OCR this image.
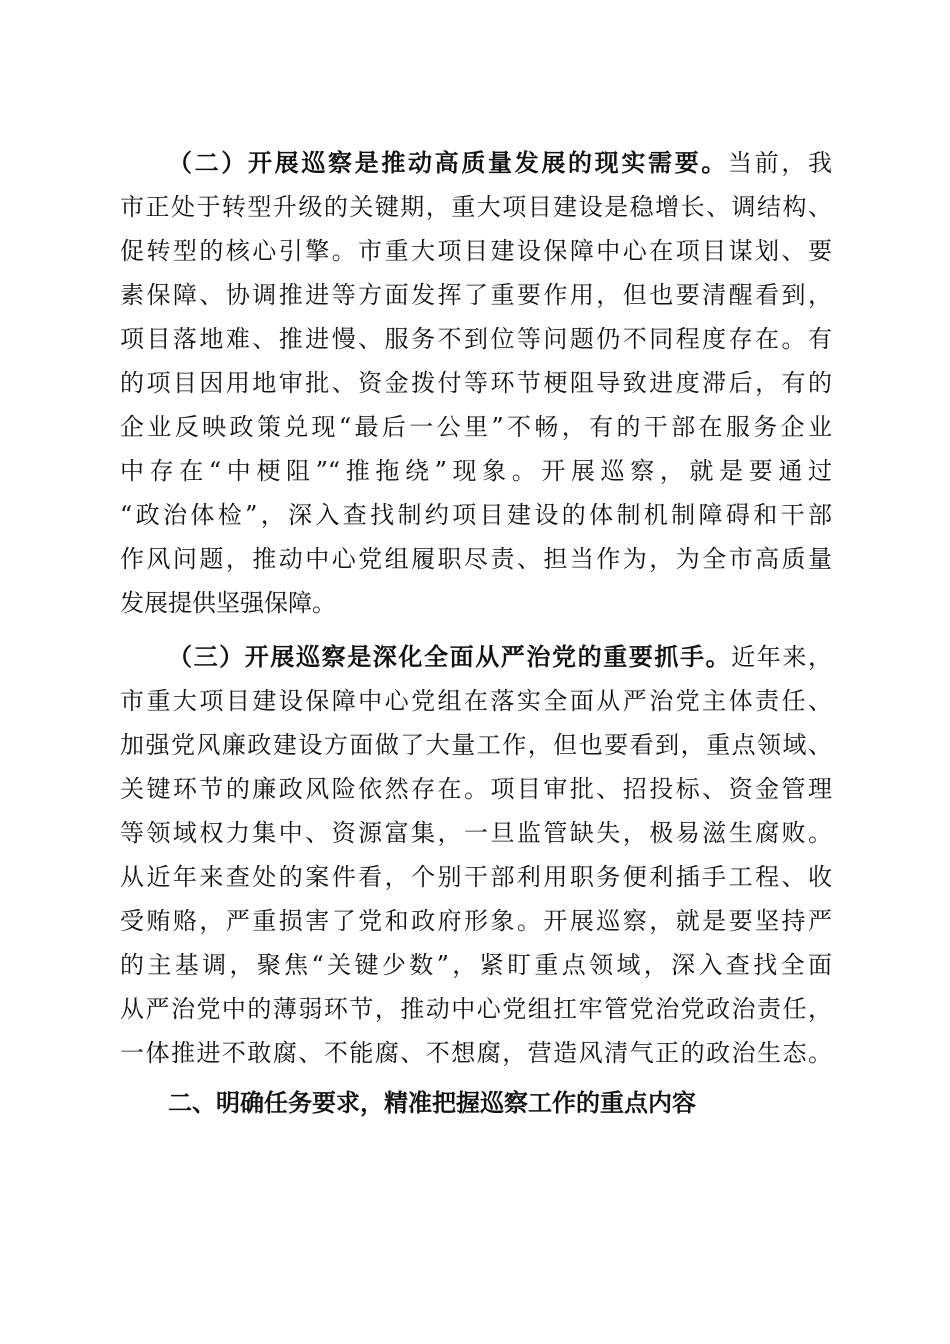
（二）开展巡察是推动高质量发展的现实需要。当前，我
市正处于转型升级的关键期，重大项目建设是稳增长、调结构、
促转型的核心引擎。市重大项目建设保障中心在项目谋划、要
素保障、协调推进等方面发挥了重要作用，但也要清醒看到，
项目落地难、推进慢、服务不到位等问题仍不同程度存在。有
的项目因用地审批、资金拨付等环节梗阻导致进度滞后，有的
企业反映政策兑现“最后一公里”不畅，有的干部在服务企业
中存在“中梗阻”“推拖绕”现象。开展巡察，就是要通过
“政治体检”，深入查找制约项目建设的体制机制障碍和干部
作风问题，推动中心党组履职尽责、担当作为，为全市高质量
发展提供坚强保障。
（三）开展巡察是深化全面从严治党的重要抓手。近年来，
市重大项目建设保障中心党组在落实全面从严治党主体责任、
加强党风廉政建设方面做了大量工作，但也要看到，重点领域、
关键环节的廉政风险依然存在。项目审批、招投标、资金管理
等领域权力集中、资源富集，一旦监管缺失，极易滋生腐败。
从近年来查处的案件看，个别干部利用职务便利插手工程、收
受贿赂，严重损害了党和政府形象。开展巡察，就是要坚持严
的主基调，聚焦“关键少数”，紧盯重点领域，深入查找全面
从严治党中的薄弱环节，推动中心党组扛牢管党治党政治责任，
一体推进不敢腐、不能腐、不想腐，营造风清气正的政治生态。
二、明确任务要求，精准把握巡察工作的重点内容
